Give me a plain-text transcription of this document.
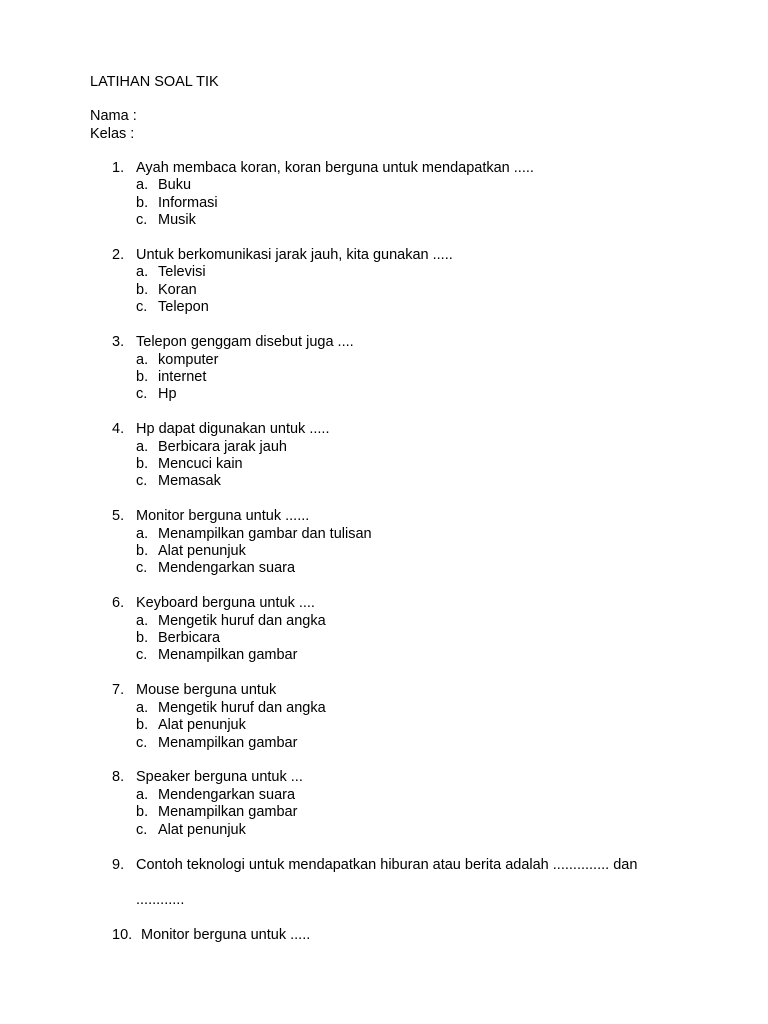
LATIHAN SOAL TIK
Nama :
Kelas :
1. Ayah membaca koran, koran berguna untuk mendapatkan .....
a. Buku
b. Informasi
c. Musik
2. Untuk berkomunikasi jarak jauh, kita gunakan .....
a. Televisi
b. Koran
c. Telepon
3. Telepon genggam disebut juga ....
a. komputer
b. internet
c. Hp
4. Hp dapat digunakan untuk .....
a. Berbicara jarak jauh
b. Mencuci kain
c. Memasak
5. Monitor berguna untuk ......
a. Menampilkan gambar dan tulisan
b. Alat penunjuk
c. Mendengarkan suara
6. Keyboard berguna untuk ....
a. Mengetik huruf dan angka
b. Berbicara
c. Menampilkan gambar
7. Mouse berguna untuk
a. Mengetik huruf dan angka
b. Alat penunjuk
c. Menampilkan gambar
8. Speaker berguna untuk ...
a. Mendengarkan suara
b. Menampilkan gambar
c. Alat penunjuk
9. Contoh teknologi untuk mendapatkan hiburan atau berita adalah .............. dan
............
10. Monitor berguna untuk .....
